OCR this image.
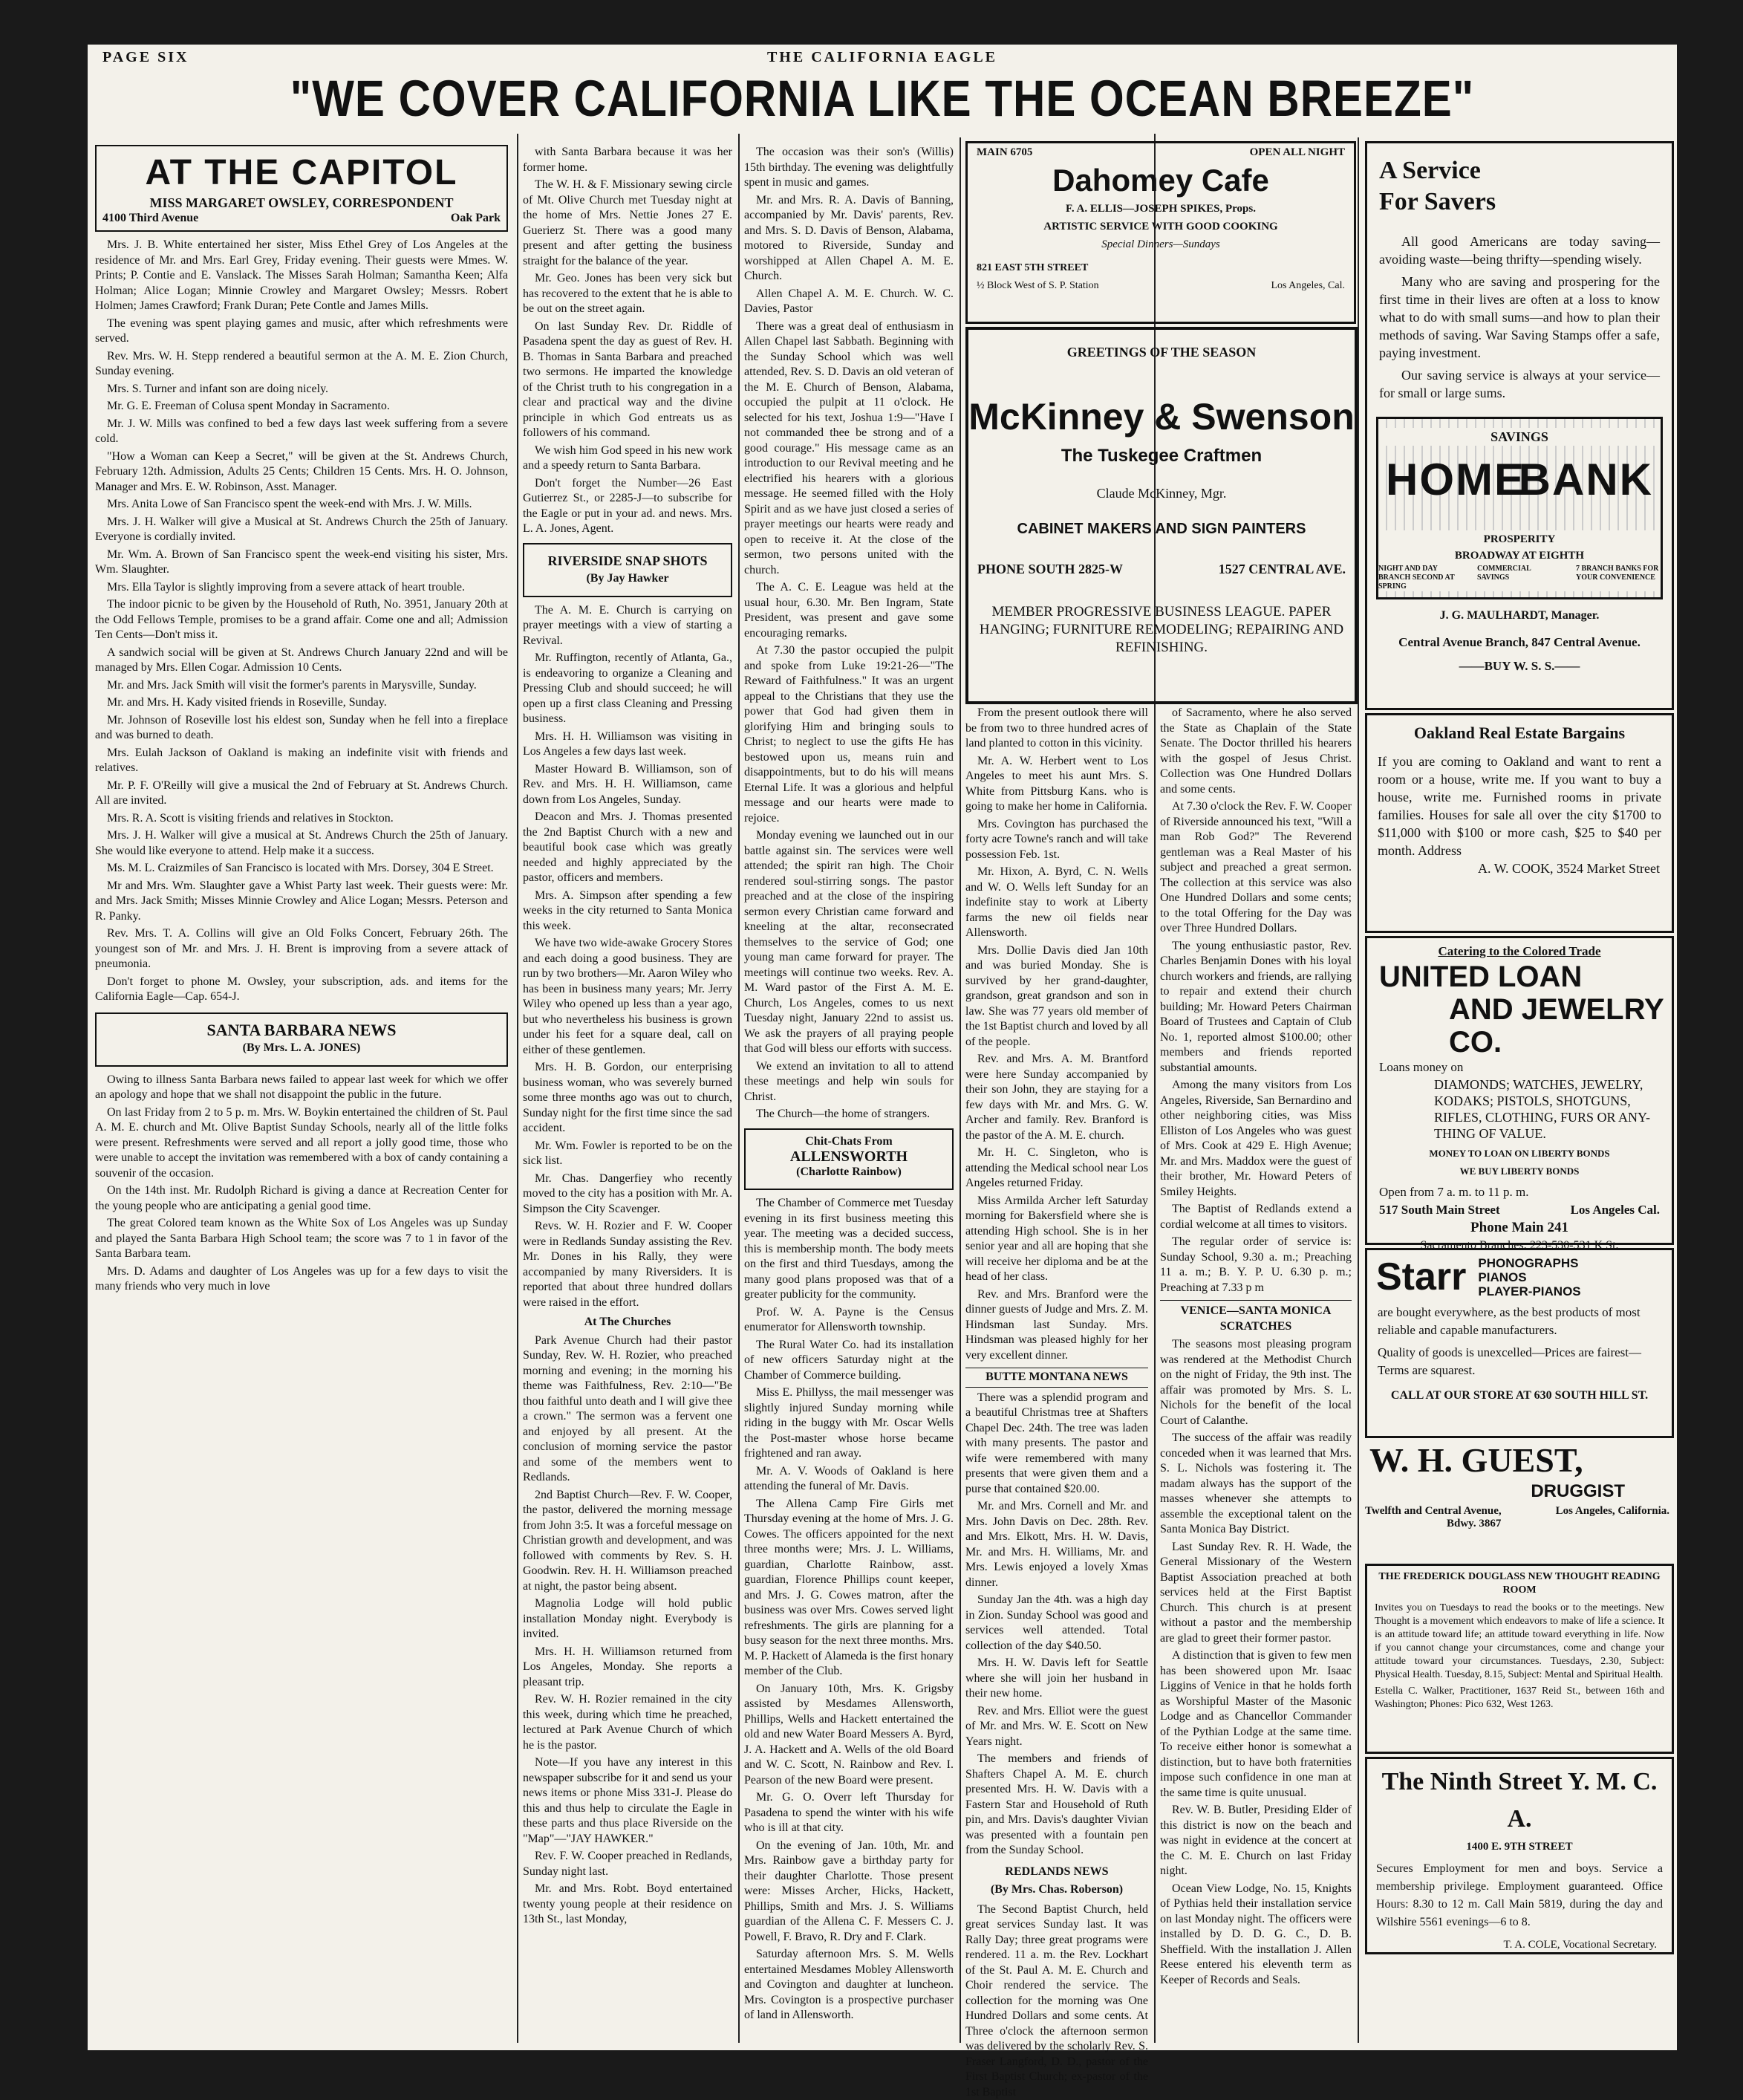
PAGE SIX	THE CALIFORNIA EAGLE
"WE COVER CALIFORNIA LIKE THE OCEAN BREEZE"
AT THE CAPITOL
MISS MARGARET OWSLEY, CORRESPONDENT
4100 Third Avenue	Oak Park

Mrs. J. B. White entertained her sister, Miss Ethel Grey of Los Angeles at the residence of Mr. and Mrs. Earl Grey, Friday evening. Their guests were Mmes. W. Prints; P. Contie and E. Vanslack. The Misses Sarah Holman; Samantha Keen; Alfa Holman; Alice Logan; Minnie Crowley and Margaret Owsley; Messrs. Robert Holmen; James Crawford; Frank Duran; Pete Contle and James Mills.

The evening was spent playing games and music, after which refreshments were served.

Rev. Mrs. W. H. Stepp rendered a beautiful sermon at the A. M. E. Zion Church, Sunday evening.

Mrs. S. Turner and infant son are doing nicely.

Mr. G. E. Freeman of Colusa spent Monday in Sacramento.

Mr. J. W. Mills was confined to bed a few days last week suffering from a severe cold.

"How a Woman can Keep a Secret," will be given at the St. Andrews Church, February 12th. Admission, Adults 25 Cents; Children 15 Cents. Mrs. H. O. Johnson, Manager and Mrs. E. W. Robinson, Asst. Manager.

Mrs. Anita Lowe of San Francisco spent the week-end with Mrs. J. W. Mills.

Mrs. J. H. Walker will give a Musical at St. Andrews Church the 25th of January. Everyone is cordially invited.

Mr. Wm. A. Brown of San Francisco spent the week-end visiting his sister, Mrs. Wm. Slaughter.

Mrs. Ella Taylor is slightly improving from a severe attack of heart trouble.

The indoor picnic to be given by the Household of Ruth, No. 3951, January 20th at the Odd Fellows Temple, promises to be a grand affair. Come one and all; Admission Ten Cents—Don't miss it.

A sandwich social will be given at St. Andrews Church January 22nd and will be managed by Mrs. Ellen Cogar. Admission 10 Cents.

Mr. and Mrs. Jack Smith will visit the former's parents in Marysville, Sunday.

Mr. and Mrs. H. Kady visited friends in Roseville, Sunday.

Mr. Johnson of Roseville lost his eldest son, Sunday when he fell into a fireplace and was burned to death.

Mrs. Eulah Jackson of Oakland is making an indefinite visit with friends and relatives.

Mr. P. F. O'Reilly will give a musical the 2nd of February at St. Andrews Church. All are invited.

Mrs. R. A. Scott is visiting friends and relatives in Stockton.

Mrs. J. H. Walker will give a musical at St. Andrews Church the 25th of January. She would like everyone to attend. Help make it a success.

Ms. M. L. Craizmiles of San Francisco is located with Mrs. Dorsey, 304 E Street.

Mr and Mrs. Wm. Slaughter gave a Whist Party last week. Their guests were: Mr. and Mrs. Jack Smith; Misses Minnie Crowley and Alice Logan; Messrs. Peterson and R. Panky.

Rev. Mrs. T. A. Collins will give an Old Folks Concert, February 26th. The youngest son of Mr. and Mrs. J. H. Brent is improving from a severe attack of pneumonia.

Don't forget to phone M. Owsley, your subscription, ads. and items for the California Eagle—Cap. 654-J.

SANTA BARBARA NEWS
(By Mrs. L. A. JONES)

Owing to illness Santa Barbara news failed to appear last week for which we offer an apology and hope that we shall not disappoint the public in the future.

On last Friday from 2 to 5 p. m. Mrs. W. Boykin entertained the children of St. Paul A. M. E. church and Mt. Olive Baptist Sunday Schools, nearly all of the little folks were present. Refreshments were served and all report a jolly good time, those who were unable to accept the invitation was remembered with a box of candy containing a souvenir of the occasion.

On the 14th inst. Mr. Rudolph Richard is giving a dance at Recreation Center for the young people who are anticipating a genial good time.

The great Colored team known as the White Sox of Los Angeles was up Sunday and played the Santa Barbara High School team; the score was 7 to 1 in favor of the Santa Barbara team.

Mrs. D. Adams and daughter of Los Angeles was up for a few days to visit the many friends who very much in love

with Santa Barbara because it was her former home.

The W. H. & F. Missionary sewing circle of Mt. Olive Church met Tuesday night at the home of Mrs. Nettie Jones 27 E. Guerierz St. There was a good many present and after getting the business straight for the balance of the year.

Mr. Geo. Jones has been very sick but has recovered to the extent that he is able to be out on the street again.

On last Sunday Rev. Dr. Riddle of Pasadena spent the day as guest of Rev. H. B. Thomas in Santa Barbara and preached two sermons. He imparted the knowledge of the Christ truth to his congregation in a clear and practical way and the divine principle in which God entreats us as followers of his command.

We wish him God speed in his new work and a speedy return to Santa Barbara.

Don't forget the Number—26 East Gutierrez St., or 2285-J—to subscribe for the Eagle or put in your ad. and news. Mrs. L. A. Jones, Agent.

RIVERSIDE SNAP SHOTS
(By Jay Hawker

The A. M. E. Church is carrying on prayer meetings with a view of starting a Revival.

Mr. Ruffington, recently of Atlanta, Ga., is endeavoring to organize a Cleaning and Pressing Club and should succeed; he will open up a first class Cleaning and Pressing business.

Mrs. H. H. Williamson was visiting in Los Angeles a few days last week.

Master Howard B. Williamson, son of Rev. and Mrs. H. H. Williamson, came down from Los Angeles, Sunday.

Deacon and Mrs. J. Thomas presented the 2nd Baptist Church with a new and beautiful book case which was greatly needed and highly appreciated by the pastor, officers and members.

Mrs. A. Simpson after spending a few weeks in the city returned to Santa Monica this week.

We have two wide-awake Grocery Stores and each doing a good business. They are run by two brothers—Mr. Aaron Wiley who has been in business many years; Mr. Jerry Wiley who opened up less than a year ago, but who nevertheless his business is grown under his feet for a square deal, call on either of these gentlemen.

Mrs. H. B. Gordon, our enterprising business woman, who was severely burned some three months ago was out to church, Sunday night for the first time since the sad accident.

Mr. Wm. Fowler is reported to be on the sick list.

Mr. Chas. Dangerfiey who recently moved to the city has a position with Mr. A. Simpson the City Scavenger.

Revs. W. H. Rozier and F. W. Cooper were in Redlands Sunday assisting the Rev. Mr. Dones in his Rally, they were accompanied by many Riversiders. It is reported that about three hundred dollars were raised in the effort.

At The Churches

Park Avenue Church had their pastor Sunday, Rev. W. H. Rozier, who preached morning and evening; in the morning his theme was Faithfulness, Rev. 2:10—"Be thou faithful unto death and I will give thee a crown." The sermon was a fervent one and enjoyed by all present. At the conclusion of morning service the pastor and some of the members went to Redlands.

2nd Baptist Church—Rev. F. W. Cooper, the pastor, delivered the morning message from John 3:5. It was a forceful message on Christian growth and development, and was followed with comments by Rev. S. H. Goodwin. Rev. H. H. Williamson preached at night, the pastor being absent.

Magnolia Lodge will hold public installation Monday night. Everybody is invited.

Mrs. H. H. Williamson returned from Los Angeles, Monday. She reports a pleasant trip.

Rev. W. H. Rozier remained in the city this week, during which time he preached, lectured at Park Avenue Church of which he is the pastor.

Note—If you have any interest in this newspaper subscribe for it and send us your news items or phone Miss 331-J. Please do this and thus help to circulate the Eagle in these parts and thus place Riverside on the "Map"—"JAY HAWKER."

Rev. F. W. Cooper preached in Redlands, Sunday night last.

Mr. and Mrs. Robt. Boyd entertained twenty young people at their residence on 13th St., last Monday,

The occasion was their son's (Willis) 15th birthday. The evening was delightfully spent in music and games.

Mr. and Mrs. R. A. Davis of Banning, accompanied by Mr. Davis' parents, Rev. and Mrs. S. D. Davis of Benson, Alabama, motored to Riverside, Sunday and worshipped at Allen Chapel A. M. E. Church.

Allen Chapel A. M. E. Church. W. C. Davies, Pastor

There was a great deal of enthusiasm in Allen Chapel last Sabbath. Beginning with the Sunday School which was well attended, Rev. S. D. Davis an old veteran of the M. E. Church of Benson, Alabama, occupied the pulpit at 11 o'clock. He selected for his text, Joshua 1:9—"Have I not commanded thee be strong and of a good courage." His message came as an introduction to our Revival meeting and he electrified his hearers with a glorious message. He seemed filled with the Holy Spirit and as we have just closed a series of prayer meetings our hearts were ready and open to receive it. At the close of the sermon, two persons united with the church.

The A. C. E. League was held at the usual hour, 6.30. Mr. Ben Ingram, State President, was present and gave some encouraging remarks.

At 7.30 the pastor occupied the pulpit and spoke from Luke 19:21-26—"The Reward of Faithfulness." It was an urgent appeal to the Christians that they use the power that God had given them in glorifying Him and bringing souls to Christ; to neglect to use the gifts He has bestowed upon us, means ruin and disappointments, but to do his will means Eternal Life. It was a glorious and helpful message and our hearts were made to rejoice.

Monday evening we launched out in our battle against sin. The services were well attended; the spirit ran high. The Choir rendered soul-stirring songs. The pastor preached and at the close of the inspiring sermon every Christian came forward and kneeling at the altar, reconsecrated themselves to the service of God; one young man came forward for prayer. The meetings will continue two weeks. Rev. A. M. Ward pastor of the First A. M. E. Church, Los Angeles, comes to us next Tuesday night, January 22nd to assist us. We ask the prayers of all praying people that God will bless our efforts with success.

We extend an invitation to all to attend these meetings and help win souls for Christ.

The Church—the home of strangers.

Chit-Chats From
ALLENSWORTH
(Charlotte Rainbow)

The Chamber of Commerce met Tuesday evening in its first business meeting this year. The meeting was a decided success, this is membership month. The body meets on the first and third Tuesdays, among the many good plans proposed was that of a greater publicity for the community.

Prof. W. A. Payne is the Census enumerator for Allensworth township.

The Rural Water Co. had its installation of new officers Saturday night at the Chamber of Commerce building.

Miss E. Phillyss, the mail messenger was slightly injured Sunday morning while riding in the buggy with Mr. Oscar Wells the Post-master whose horse became frightened and ran away.

Mr. A. V. Woods of Oakland is here attending the funeral of Mr. Davis.

The Allena Camp Fire Girls met Thursday evening at the home of Mrs. J. G. Cowes. The officers appointed for the next three months were; Mrs. J. L. Williams, guardian, Charlotte Rainbow, asst. guardian, Florence Phillips count keeper, and Mrs. J. G. Cowes matron, after the business was over Mrs. Cowes served light refreshments. The girls are planning for a busy season for the next three months. Mrs. M. P. Hackett of Alameda is the first honary member of the Club.

On January 10th, Mrs. K. Grigsby assisted by Mesdames Allensworth, Phillips, Wells and Hackett entertained the old and new Water Board Messers A. Byrd, J. A. Hackett and A. Wells of the old Board and W. C. Scott, N. Rainbow and Rev. I. Pearson of the new Board were present.

Mr. G. O. Overr left Thursday for Pasadena to spend the winter with his wife who is ill at that city.

On the evening of Jan. 10th, Mr. and Mrs. Rainbow gave a birthday party for their daughter Charlotte. Those present were: Misses Archer, Hicks, Hackett, Phillips, Smith and Mrs. J. S. Williams guardian of the Allena C. F. Messers C. J. Powell, F. Bravo, R. Dry and F. Clark.

Saturday afternoon Mrs. S. M. Wells entertained Mesdames Mobley Allensworth and Covington and daughter at luncheon. Mrs. Covington is a prospective purchaser of land in Allensworth.

MAIN 6705	OPEN ALL NIGHT
Dahomey Cafe
F. A. ELLIS—JOSEPH SPIKES, Props.
ARTISTIC SERVICE WITH GOOD COOKING
Special Dinners—Sundays
821 EAST 5TH STREET
½ Block West of S. P. Station	Los Angeles, Cal.
GREETINGS OF THE SEASON
McKinney & Swenson
The Tuskegee Craftmen
Claude McKinney, Mgr.
CABINET MAKERS AND SIGN PAINTERS
PHONE SOUTH 2825-W	1527 CENTRAL AVE.
MEMBER PROGRESSIVE BUSINESS LEAGUE. PAPER HANGING; FURNITURE REMODELING; REPAIRING AND REFINISHING.

From the present outlook there will be from two to three hundred acres of land planted to cotton in this vicinity.

Mr. A. W. Herbert went to Los Angeles to meet his aunt Mrs. S. White from Pittsburg Kans. who is going to make her home in California.

Mrs. Covington has purchased the forty acre Towne's ranch and will take possession Feb. 1st.

Mr. Hixon, A. Byrd, C. N. Wells and W. O. Wells left Sunday for an indefinite stay to work at Liberty farms the new oil fields near Allensworth.

Mrs. Dollie Davis died Jan 10th and was buried Monday. She is survived by her grand-daughter, grandson, great grandson and son in law. She was 77 years old member of the 1st Baptist church and loved by all of the people.

Rev. and Mrs. A. M. Brantford were here Sunday accompanied by their son John, they are staying for a few days with Mr. and Mrs. G. W. Archer and family. Rev. Branford is the pastor of the A. M. E. church.

Mr. H. C. Singleton, who is attending the Medical school near Los Angeles returned Friday.

Miss Armilda Archer left Saturday morning for Bakersfield where she is attending High school. She is in her senior year and all are hoping that she will receive her diploma and be at the head of her class.

Rev. and Mrs. Branford were the dinner guests of Judge and Mrs. Z. M. Hindsman last Sunday. Mrs. Hindsman was pleased highly for her very excellent dinner.

BUTTE MONTANA NEWS

There was a splendid program and a beautiful Christmas tree at Shafters Chapel Dec. 24th. The tree was laden with many presents. The pastor and wife were remembered with many presents that were given them and a purse that contained $20.00.

Mr. and Mrs. Cornell and Mr. and Mrs. John Davis on Dec. 28th. Rev. and Mrs. Elkott, Mrs. H. W. Davis, Mr. and Mrs. H. Williams, Mr. and Mrs. Lewis enjoyed a lovely Xmas dinner.

Sunday Jan the 4th. was a high day in Zion. Sunday School was good and services well attended. Total collection of the day $40.50.

Mrs. H. W. Davis left for Seattle where she will join her husband in their new home.

Rev. and Mrs. Elliot were the guest of Mr. and Mrs. W. E. Scott on New Years night.

The members and friends of Shafters Chapel A. M. E. church presented Mrs. H. W. Davis with a Fastern Star and Household of Ruth pin, and Mrs. Davis's daughter Vivian was presented with a fountain pen from the Sunday School.

REDLANDS NEWS
(By Mrs. Chas. Roberson)

The Second Baptist Church, held great services Sunday last. It was Rally Day; three great programs were rendered. 11 a. m. the Rev. Lockhart of the St. Paul A. M. E. Church and Choir rendered the service. The collection for the morning was One Hundred Dollars and some cents. At Three o'clock the afternoon sermon was delivered by the scholarly Rev. S. Fraser Langford, D. D., pastor of the First Baptist Church; ex-pastor of the 1st Baptist

of Sacramento, where he also served the State as Chaplain of the State Senate. The Doctor thrilled his hearers with the gospel of Jesus Christ. Collection was One Hundred Dollars and some cents.

At 7.30 o'clock the Rev. F. W. Cooper of Riverside announced his text, "Will a man Rob God?" The Reverend gentleman was a Real Master of his subject and preached a great sermon. The collection at this service was also One Hundred Dollars and some cents; to the total Offering for the Day was over Three Hundred Dollars.

The young enthusiastic pastor, Rev. Charles Benjamin Dones with his loyal church workers and friends, are rallying to repair and extend their church building; Mr. Howard Peters Chairman Board of Trustees and Captain of Club No. 1, reported almost $100.00; other members and friends reported substantial amounts.

Among the many visitors from Los Angeles, Riverside, San Bernardino and other neighboring cities, was Miss Elliston of Los Angeles who was guest of Mrs. Cook at 429 E. High Avenue; Mr. and Mrs. Maddox were the guest of their brother, Mr. Howard Peters of Smiley Heights.

The Baptist of Redlands extend a cordial welcome at all times to visitors.

The regular order of service is: Sunday School, 9.30 a. m.; Preaching 11 a. m.; B. Y. P. U. 6.30 p. m.; Preaching at 7.33 p m

VENICE—SANTA MONICA SCRATCHES

The seasons most pleasing program was rendered at the Methodist Church on the night of Friday, the 9th inst. The affair was promoted by Mrs. S. L. Nichols for the benefit of the local Court of Calanthe.

The success of the affair was readily conceded when it was learned that Mrs. S. L. Nichols was fostering it. The madam always has the support of the masses whenever she attempts to assemble the exceptional talent on the Santa Monica Bay District.

Last Sunday Rev. R. H. Wade, the General Missionary of the Western Baptist Association preached at both services held at the First Baptist Church. This church is at present without a pastor and the membership are glad to greet their former pastor.

A distinction that is given to few men has been showered upon Mr. Isaac Liggins of Venice in that he holds forth as Worshipful Master of the Masonic Lodge and as Chancellor Commander of the Pythian Lodge at the same time. To receive either honor is somewhat a distinction, but to have both fraternities impose such confidence in one man at the same time is quite unusual.

Rev. W. B. Butler, Presiding Elder of this district is now on the beach and was night in evidence at the concert at the C. M. E. Church on last Friday night.

Ocean View Lodge, No. 15, Knights of Pythias held their installation service on last Monday night. The officers were installed by D. D. G. C., D. B. Sheffield. With the installation J. Allen Reese entered his eleventh term as Keeper of Records and Seals.

A Service
For Savers

All good Americans are today saving—avoiding waste—being thrifty—spending wisely.

Many who are saving and prospering for the first time in their lives are often at a loss to know what to do with small sums—and how to plan their methods of saving. War Saving Stamps offer a safe, paying investment.

Our saving service is always at your service—for small or large sums.

SAVINGS
HOME
BANK
PROSPERITY
BROADWAY AT EIGHTH
NIGHT AND DAY BRANCH SECOND AT SPRING
COMMERCIAL SAVINGS
7 BRANCH BANKS FOR YOUR CONVENIENCE
J. G. MAULHARDT, Manager.
Central Avenue Branch, 847 Central Avenue.
——BUY W. S. S.——
Oakland Real Estate Bargains
If you are coming to Oakland and want to rent a room or a house, write me. If you want to buy a house, write me. Furnished rooms in private families. Houses for sale all over the city $1700 to $11,000 with $100 or more cash, $25 to $40 per month. Address
A. W. COOK, 3524 Market Street
Catering to the Colored Trade
UNITED LOAN
AND JEWELRY CO.
Loans money on
DIAMONDS; WATCHES, JEWELRY,
KODAKS; PISTOLS, SHOTGUNS,
RIFLES, CLOTHING, FURS OR ANY-
THING OF VALUE.
MONEY TO LOAN ON LIBERTY BONDS
WE BUY LIBERTY BONDS
Open from 7 a. m. to 11 p. m.
517 South Main Street	Los Angeles Cal.
Phone Main 241
Sacramento Branches: 223-530-531 K St.
Starr PHONOGRAPHS
PIANOS
PLAYER-PIANOS
are bought everywhere, as the best products of most reliable and capable manufacturers.
Quality of goods is unexcelled—Prices are fairest—Terms are squarest.
CALL AT OUR STORE AT 630 SOUTH HILL ST.
W. H. GUEST,
DRUGGIST
Twelfth and Central Avenue,	Los Angeles, California.
Bdwy. 3867
THE FREDERICK DOUGLASS NEW THOUGHT READING ROOM
Invites you on Tuesdays to read the books or to the meetings. New Thought is a movement which endeavors to make of life a science. It is an attitude toward life; an attitude toward everything in life. Now if you cannot change your circumstances, come and change your attitude toward your circumstances. Tuesdays, 2.30, Subject: Physical Health. Tuesday, 8.15, Subject: Mental and Spiritual Health.
Estella C. Walker, Practitioner, 1637 Reid St., between 16th and Washington; Phones: Pico 632, West 1263.
The Ninth Street Y. M. C. A.
1400 E. 9TH STREET
Secures Employment for men and boys. Service a membership privilege. Employment guaranteed. Office Hours: 8.30 to 12 m. Call Main 5819, during the day and Wilshire 5561 evenings—6 to 8.
T. A. COLE, Vocational Secretary.
